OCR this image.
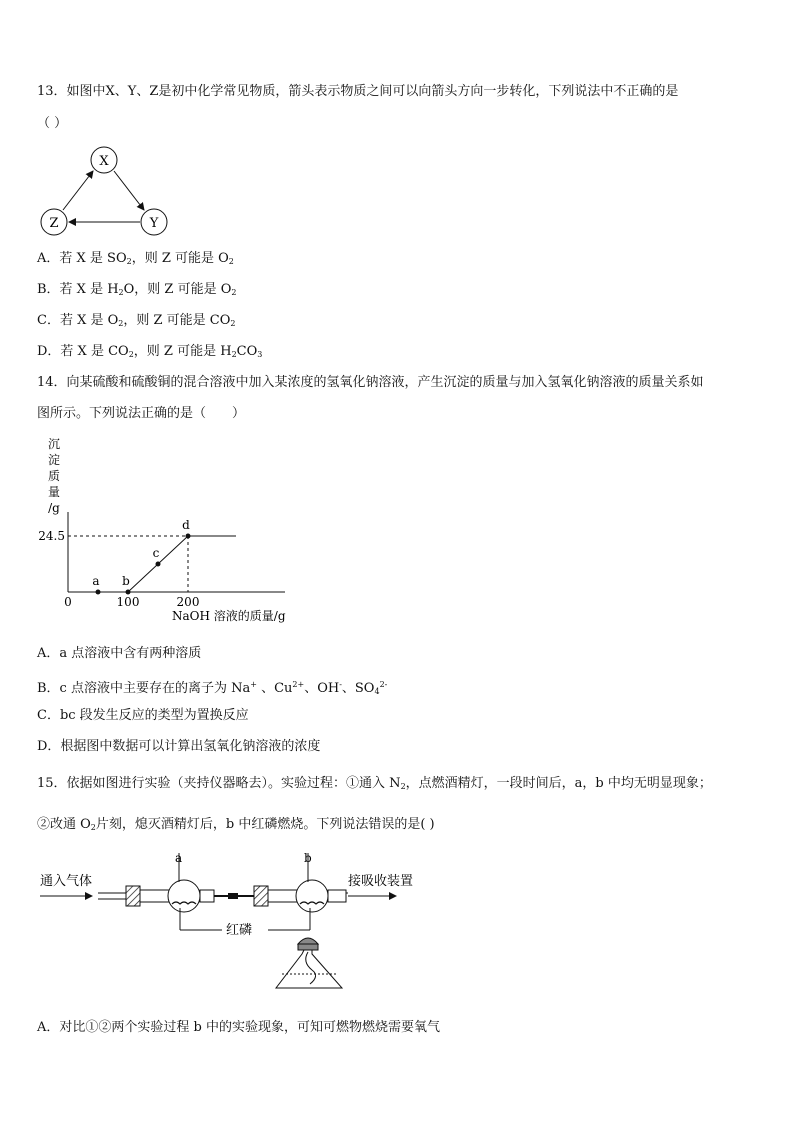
13．如图中X、Y、Z是初中化学常见物质，箭头表示物质之间可以向箭头方向一步转化，下列说法中不正确的是
（ ）
X
Y
Z
A．若 X 是 $SO_2$，则 Z 可能是 $O_2$
B．若 X 是 $H_2O$，则 Z 可能是 $O_2$
C．若 X 是 $O_2$，则 Z 可能是 $CO_2$
D．若 X 是 $CO_2$，则 Z 可能是 $H_2CO_3$
14．向某硫酸和硫酸铜的混合溶液中加入某浓度的氢氧化钠溶液，产生沉淀的质量与加入氢氧化钠溶液的质量关系如
图所示。下列说法正确的是（　　）
沉
淀
质
量
/g
0
a b
c
d
100	200
24.5
NaOH 溶液的质量/g
A．a 点溶液中含有两种溶质
B．c 点溶液中主要存在的离子为 Na+ 、$Cu^{2+}$、OH-、$SO_4^{2-}$
C．bc 段发生反应的类型为置换反应
D．根据图中数据可以计算出氢氧化钠溶液的浓度
15．依据如图进行实验（夹持仪器略去）。实验过程：①通入 $N_2$，点燃酒精灯，一段时间后，a，b 中均无明显现象；
②改通 $O_2$片刻，熄灭酒精灯后，b 中红磷燃烧。下列说法错误的是( )
通入气体
a	b
接吸收装置
红磷
A．对比①②两个实验过程 b 中的实验现象，可知可燃物燃烧需要氧气
